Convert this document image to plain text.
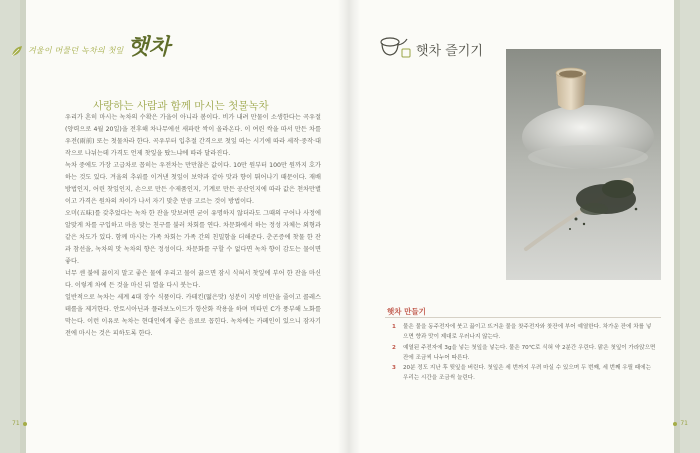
겨울이 머물던 녹차의 첫잎 햇차
사랑하는 사람과 함께 마시는 첫물녹차

우리가 흔히 마시는 녹차의 수확은 가을이 아니라 봄이다. 비가 내려 만물이 소생한다는 곡우절(양력으로 4월 20일)을 전후해 차나무에선 새파란 싹이 올라온다. 이 여린 싹을 따서 만든 차를 우전(雨前) 또는 첫물차라 한다. 곡우부터 입추절 간격으로 첫잎 따는 시기에 따라 세작·중작·대작으로 나뉘는데 가격도 언제 찻잎을 땄느냐에 따라 달라진다.

녹차 중에도 가장 고급차로 꼽히는 우전차는 만만찮은 값이다. 10만 원부터 100만 원까지 호가하는 것도 있다. 겨울의 추위를 이겨낸 첫잎이 보약과 같아 맛과 향이 뛰어나기 때문이다. 재배 방법인지, 어린 찻잎인지, 손으로 만든 수제품인지, 기계로 만든 공산인지에 따라 값은 천차만별이고 가격은 원차의 차이가 나서 자기 맞춘 만큼 고르는 것이 방법이다.

오미(五味)를 갖추었다는 녹차 한 잔을 맛보려면 굳이 유명하지 않더라도 그때의 구어나 사정에 알맞게 차를 구입하고 마음 맞는 친구를 불러 차회를 연다. 차문화에서 하는 정성 자체는 외형과 같은 차도가 있다. 함께 마시는 가족 차회는 가족 간의 친밀함을 더해준다. 춘곤증에 찻물 한 잔과 참선을, 녹차의 맛 녹차의 향은 정성이다. 차문화를 구할 수 없다면 녹차 향이 감도는 물이면 좋다.

너무 센 불에 끓이지 말고 좋은 물에 우리고 물이 끓으면 잠시 식혀서 찻잎에 부어 한 잔을 마신다. 이렇게 차에 든 것을 마신 뒤 열을 다시 붓는다.

일반적으로 녹차는 세계 4대 장수 식품이다. 카테킨(떫은맛) 성분이 지방 비만을 줄이고 콜레스테롤을 제거한다. 안토시아닌과 플라보노이드가 항산화 작용을 하며 비타민 C가 풍부해 노화를 막는다. 이런 이유로 녹차는 현대인에게 좋은 음료로 꼽힌다. 녹차에는 카페인이 있으니 잠자기 전에 마시는 것은 피하도록 한다.

71
햇차 즐기기
햇차 만들기
1	물은 물을 동주전자에 붓고 끓이고 뜨거운 물을 찻주전자와 찻잔에 부어 예열한다. 차가운 잔에 차를 넣으면 향과 맛이 제대로 우러나지 않는다.
2	예열된 주전자에 3g을 넣는 첫잎을 넣는다. 물은 70℃로 식혀 약 2분간 우린다. 맑은 첫잎이 가라앉으면 잔에 조금씩 나누어 따른다.
3	20분 정도 지난 후 뒷잎을 버린다. 첫잎은 세 번까지 우려 마실 수 있으며 두 번째, 세 번째 우릴 때에는 우리는 시간을 조금씩 늘린다.
71
